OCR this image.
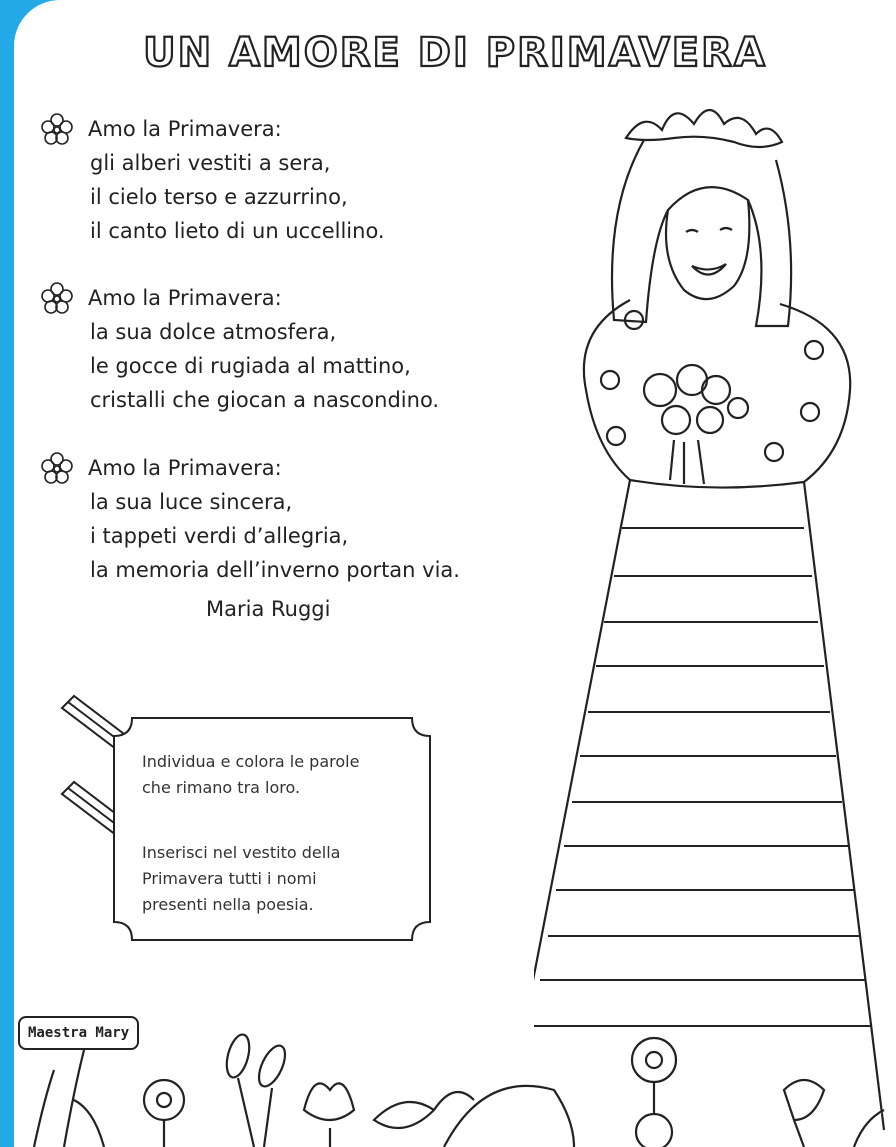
UN AMORE DI PRIMAVERA
Amo la Primavera:
gli alberi vestiti a sera,
il cielo terso e azzurrino,
il canto lieto di un uccellino.
Amo la Primavera:
la sua dolce atmosfera,
le gocce di rugiada al mattino,
cristalli che giocan a nascondino.
Amo la Primavera:
la sua luce sincera,
i tappeti verdi d’allegria,
la memoria dell’inverno portan via.
Maria Ruggi
Individua e colora le parole
che rimano tra loro.
Inserisci nel vestito della
Primavera tutti i nomi
presenti nella poesia.
Maestra Mary
